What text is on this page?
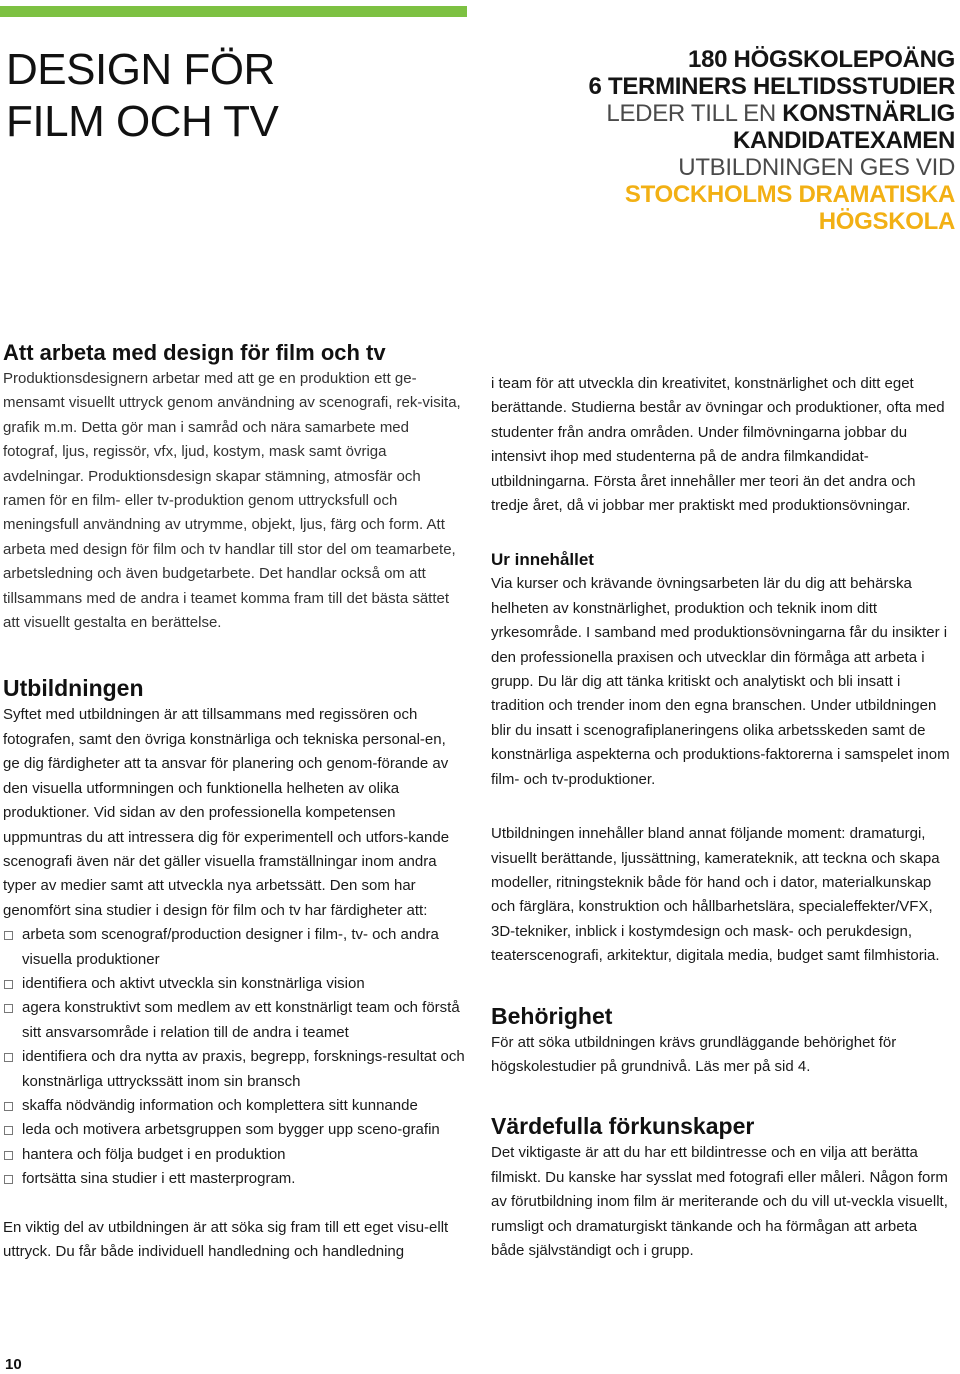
DESIGN FÖR
FILM OCH TV
180 HÖGSKOLEPOÄNG
6 TERMINERS HELTIDSSTUDIER
LEDER TILL EN KONSTNÄRLIG
KANDIDATEXAMEN
UTBILDNINGEN GES VID
STOCKHOLMS DRAMATISKA
HÖGSKOLA
Att arbeta med design för film och tv

Produktionsdesignern arbetar med att ge en produktion ett ge-mensamt visuellt uttryck genom användning av scenografi, rek-visita, grafik m.m. Detta gör man i samråd och nära samarbete med fotograf, ljus, regissör, vfx, ljud, kostym, mask samt övriga avdelningar. Produktionsdesign skapar stämning, atmosfär och ramen för en film- eller tv-produktion genom uttrycksfull och meningsfull användning av utrymme, objekt, ljus, färg och form. Att arbeta med design för film och tv handlar till stor del om teamarbete, arbetsledning och även budgetarbete. Det handlar också om att tillsammans med de andra i teamet komma fram till det bästa sättet att visuellt gestalta en berättelse.

Utbildningen

Syftet med utbildningen är att tillsammans med regissören och fotografen, samt den övriga konstnärliga och tekniska personal-en, ge dig färdigheter att ta ansvar för planering och genom-förande av den visuella utformningen och funktionella helheten av olika produktioner. Vid sidan av den professionella kompetensen uppmuntras du att intressera dig för experimentell och utfors-kande scenografi även när det gäller visuella framställningar inom andra typer av medier samt att utveckla nya arbetssätt. Den som har genomfört sina studier i design för film och tv har färdigheter att:

arbeta som scenograf/production designer i film-, tv- och andra visuella produktioner
identifiera och aktivt utveckla sin konstnärliga vision
agera konstruktivt som medlem av ett konstnärligt team och förstå sitt ansvarsområde i relation till de andra i teamet
identifiera och dra nytta av praxis, begrepp, forsknings-resultat och konstnärliga uttryckssätt inom sin bransch
skaffa nödvändig information och komplettera sitt kunnande
leda och motivera arbetsgruppen som bygger upp sceno-grafin
hantera och följa budget i en produktion
fortsätta sina studier i ett masterprogram.

En viktig del av utbildningen är att söka sig fram till ett eget visu-ellt uttryck. Du får både individuell handledning och handledning

i team för att utveckla din kreativitet, konstnärlighet och ditt eget berättande. Studierna består av övningar och produktioner, ofta med studenter från andra områden. Under filmövningarna jobbar du intensivt ihop med studenterna på de andra filmkandidat-utbildningarna. Första året innehåller mer teori än det andra och tredje året, då vi jobbar mer praktiskt med produktionsövningar.

Ur innehållet

Via kurser och krävande övningsarbeten lär du dig att behärska helheten av konstnärlighet, produktion och teknik inom ditt yrkesområde. I samband med produktionsövningarna får du insikter i den professionella praxisen och utvecklar din förmåga att arbeta i grupp. Du lär dig att tänka kritiskt och analytiskt och bli insatt i tradition och trender inom den egna branschen. Under utbildningen blir du insatt i scenografiplaneringens olika arbetsskeden samt de konstnärliga aspekterna och produktions-faktorerna i samspelet inom film- och tv-produktioner.

Utbildningen innehåller bland annat följande moment: dramaturgi, visuellt berättande, ljussättning, kamerateknik, att teckna och skapa modeller, ritningsteknik både för hand och i dator, materialkunskap och färglära, konstruktion och hållbarhetslära, specialeffekter/VFX, 3D-tekniker, inblick i kostymdesign och mask- och perukdesign, teaterscenografi, arkitektur, digitala media, budget samt filmhistoria.

Behörighet

För att söka utbildningen krävs grundläggande behörighet för högskolestudier på grundnivå. Läs mer på sid 4.

Värdefulla förkunskaper

Det viktigaste är att du har ett bildintresse och en vilja att berätta filmiskt. Du kanske har sysslat med fotografi eller måleri. Någon form av förutbildning inom film är meriterande och du vill ut-veckla visuellt, rumsligt och dramaturgiskt tänkande och ha förmågan att arbeta både självständigt och i grupp.

10
